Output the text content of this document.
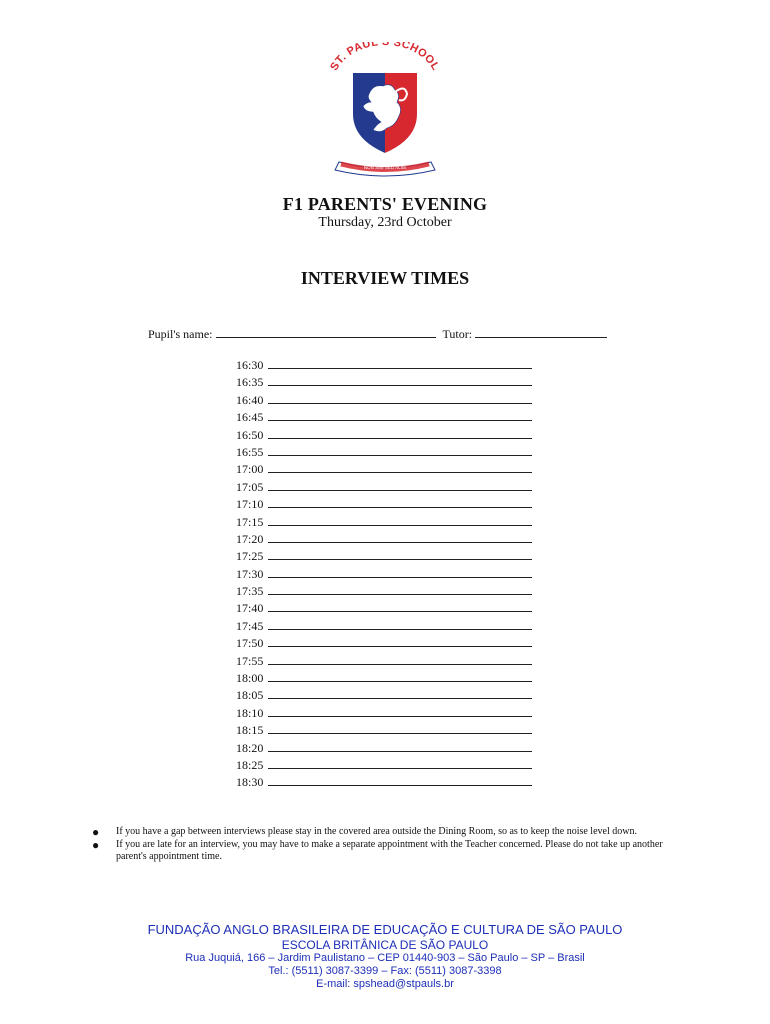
ST. PAUL' SCHOOL
NON SIBI SED ALIIS
F1 PARENTS' EVENING
Thursday, 23rd October
INTERVIEW TIMES
Pupil's name:	Tutor:
16:30
16:35
16:40
16:45
16:50
16:55
17:00
17:05
17:10
17:15
17:20
17:25
17:30
17:35
17:40
17:45
17:50
17:55
18:00
18:05
18:10
18:15
18:20
18:25
18:30
● If you have a gap between interviews please stay in the covered area outside the Dining Room, so as to keep the noise level down.
● If you are late for an interview, you may have to make a separate appointment with the Teacher concerned. Please do not take up another parent's appointment time.
FUNDAÇÃO ANGLO BRASILEIRA DE EDUCAÇÃO E CULTURA DE SÃO PAULO
ESCOLA BRITÂNICA DE SÃO PAULO
Rua Juquiá, 166 – Jardim Paulistano – CEP 01440-903 – São Paulo – SP – Brasil
Tel.: (5511) 3087-3399 – Fax: (5511) 3087-3398
E-mail: spshead@stpauls.br
